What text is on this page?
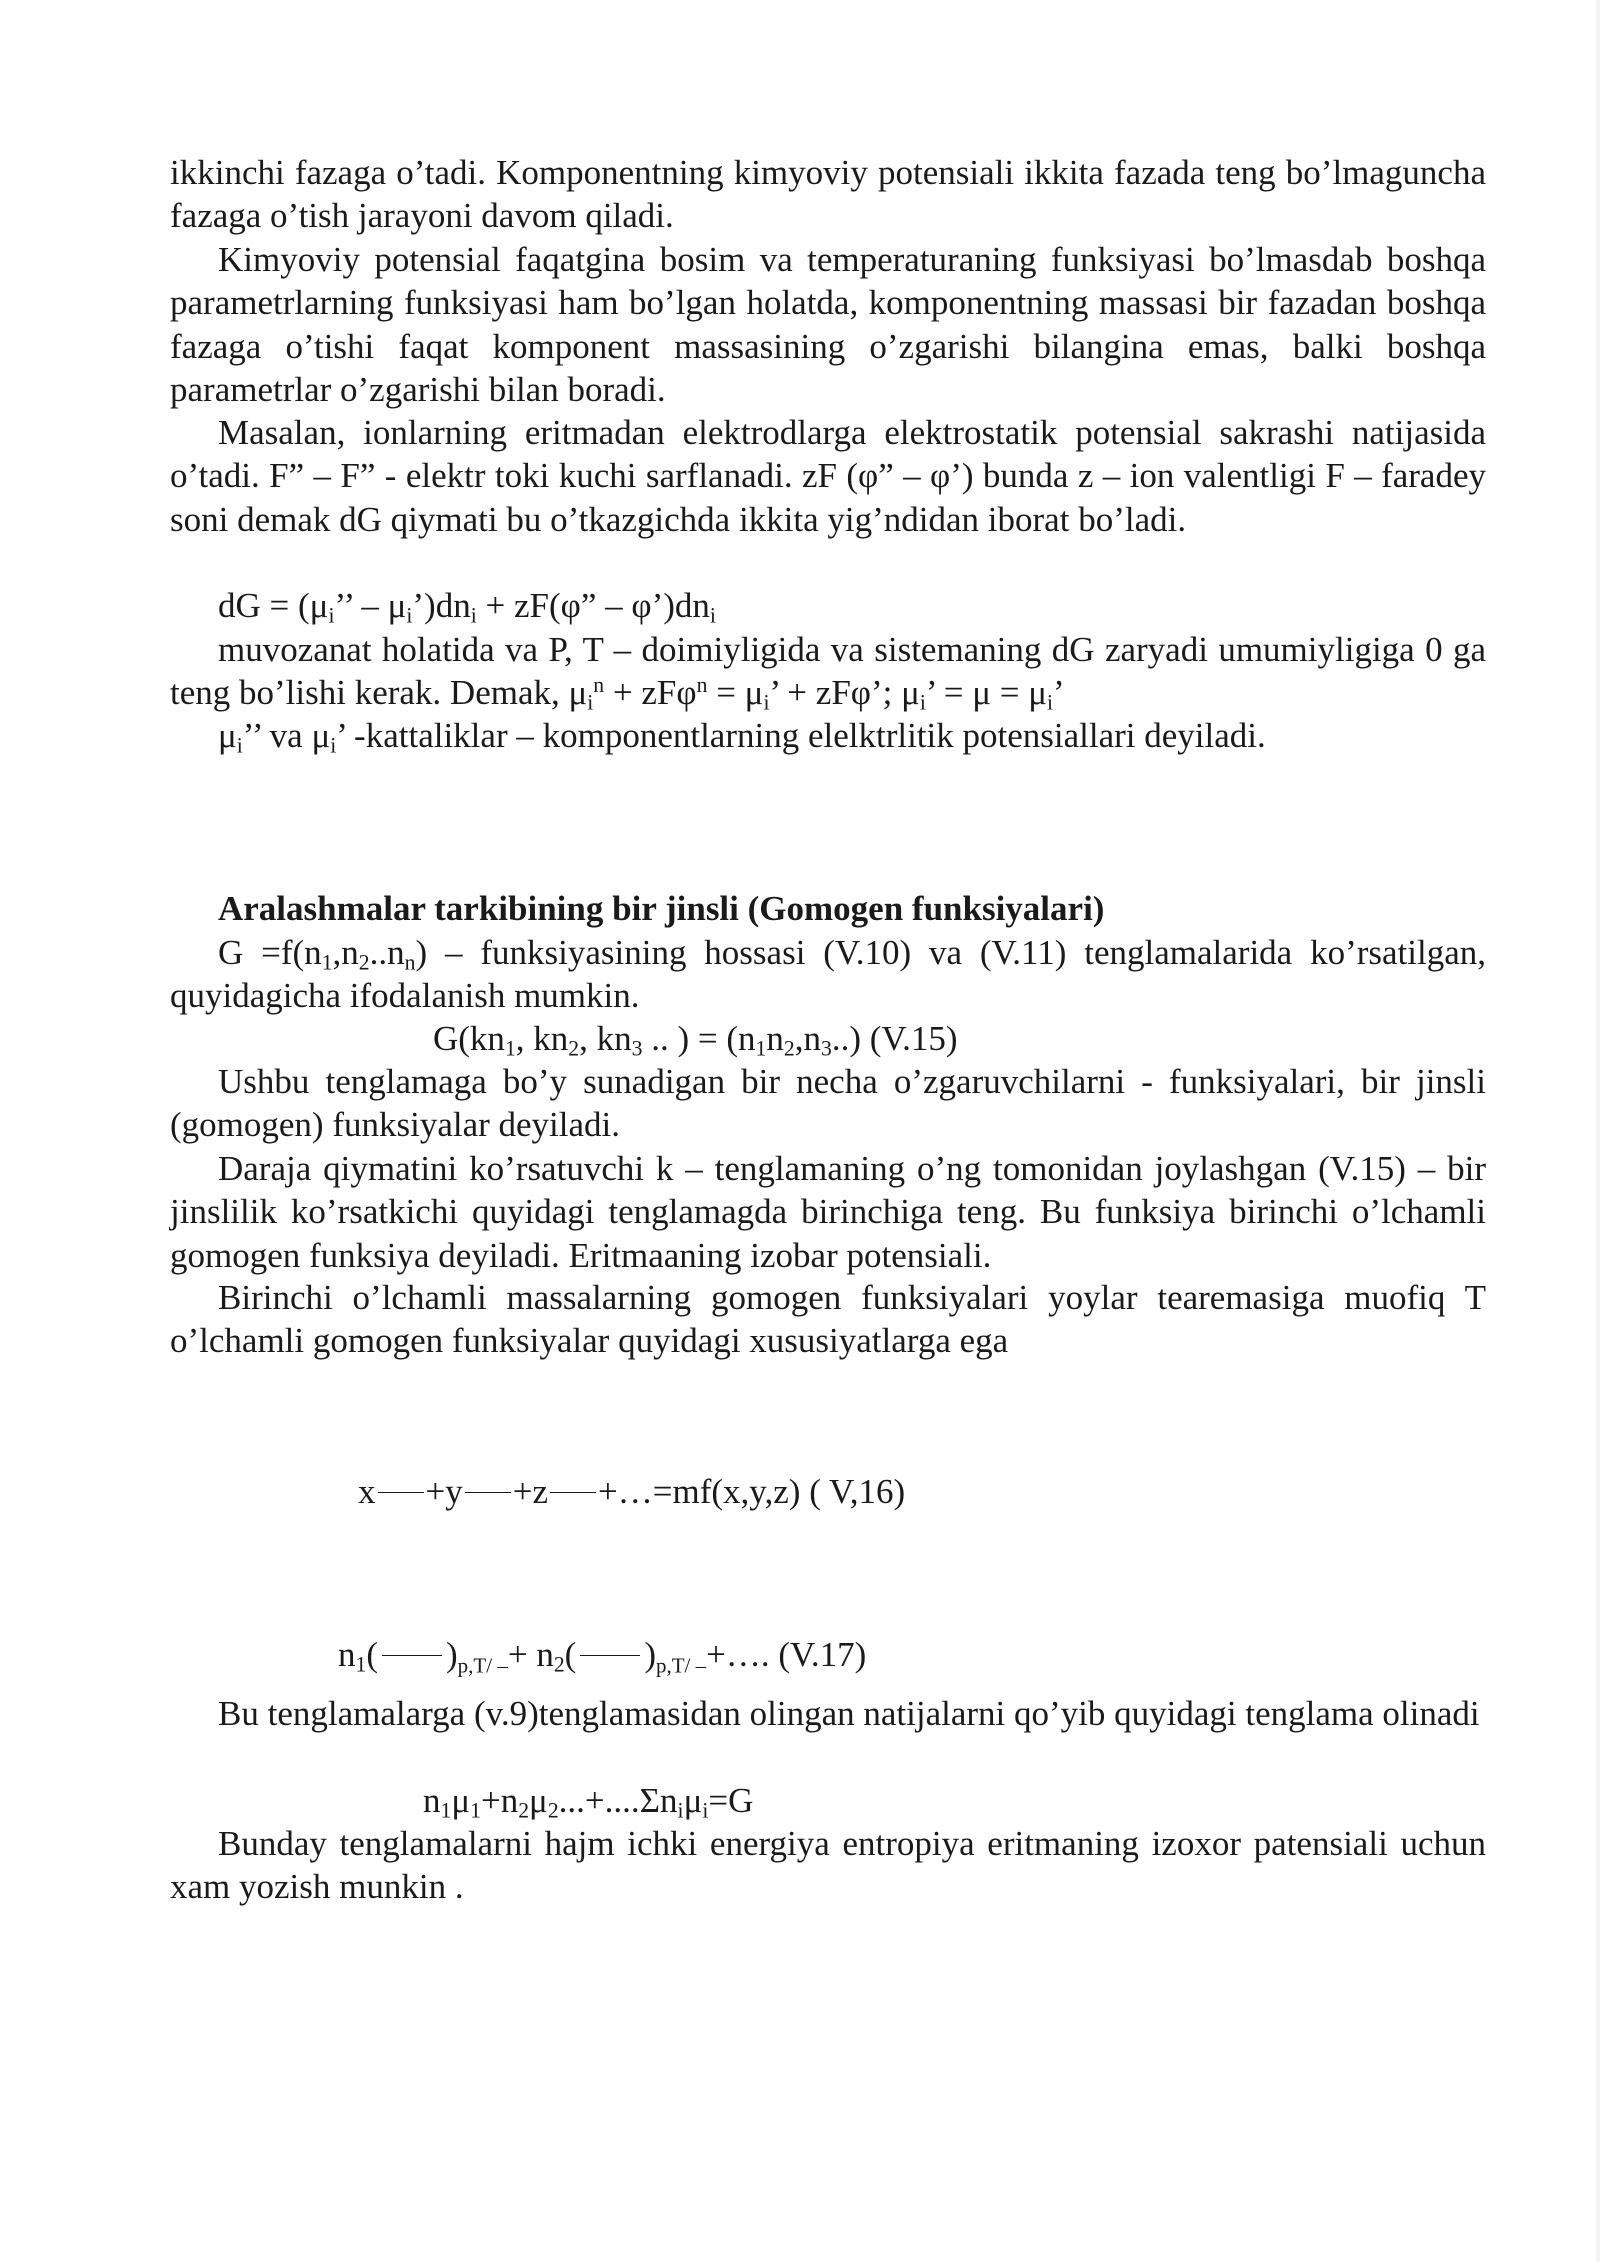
ikkinchi fazaga o’tadi. Komponentning kimyoviy potensiali ikkita fazada teng bo’lmaguncha fazaga o’tish jarayoni davom qiladi.

Kimyoviy potensial faqatgina bosim va temperaturaning funksiyasi bo’lmasdab boshqa parametrlarning funksiyasi ham bo’lgan holatda, komponentning massasi bir fazadan boshqa fazaga o’tishi faqat komponent massasining o’zgarishi bilangina emas, balki boshqa parametrlar o’zgarishi bilan boradi.

Masalan, ionlarning eritmadan elektrodlarga elektrostatik potensial sakrashi natijasida o’tadi. F” – F” - elektr toki kuchi sarflanadi. zF (φ” – φ’) bunda z – ion valentligi F – faradey soni demak dG qiymati bu o’tkazgichda ikkita yig’ndidan iborat bo’ladi.

dG = ($\mu_i$’’ – $\mu_i’)dn_i + zF(\varphi$” – $\varphi’)dn_i$

muvozanat holatida va P, T – doimiyligida va sistemaning dG zaryadi umumiyligiga 0 ga teng bo’lishi kerak. Demak, $\mu_i^n + zF\varphi^n = \mu_i$’ + zFφ’; $\mu_i$’ = $\mu = \mu_i$’

$\mu_i$’’ va $\mu_i$’ -kattaliklar – komponentlarning elelktrlitik potensiallari deyiladi.

Aralashmalar tarkibining bir jinsli (Gomogen funksiyalari)

$G =f(n_1,n_2..n_n)$ – funksiyasining hossasi (V.10) va (V.11) tenglamalarida ko’rsatilgan, quyidagicha ifodalanish mumkin.

$G(kn_1$, $kn_2$, $kn_3$ .. ) = $(n_1n_2,n_3..)$ (V.15)

Ushbu tenglamaga bo’y sunadigan bir necha o’zgaruvchilarni - funksiyalari, bir jinsli (gomogen) funksiyalar deyiladi.

Daraja qiymatini ko’rsatuvchi k – tenglamaning o’ng tomonidan joylashgan (V.15) – bir jinslilik ko’rsatkichi quyidagi tenglamagda birinchiga teng. Bu funksiya birinchi o’lchamli gomogen funksiya deyiladi. Eritmaaning izobar potensiali.

Birinchi o’lchamli massalarning gomogen funksiyalari yoylar tearemasiga muofiq T o’lchamli gomogen funksiyalar quyidagi xususiyatlarga ega

x +y +z +…=mf(x,y,z) ( V,16)

$n_1$( )$p,T/ -+ n_2$( )p,T/ –+…. (V.17)

Bu tenglamalarga (v.9)tenglamasidan olingan natijalarni qo’yib quyidagi tenglama olinadi

$n_1\mu_1+n_2\mu_2...+....\Sigma n_i\mu_i=G$

Bunday tenglamalarni hajm ichki energiya entropiya eritmaning izoxor patensiali uchun xam yozish munkin .
